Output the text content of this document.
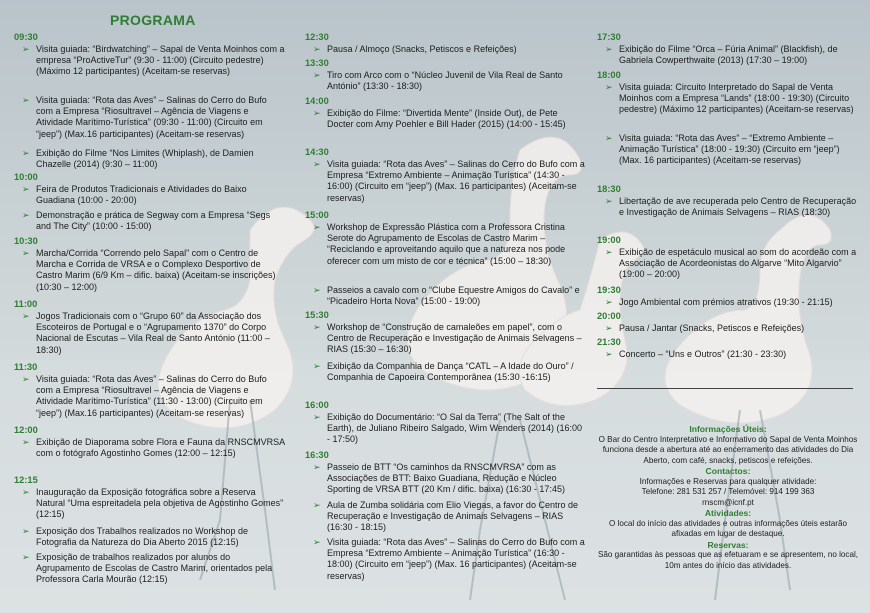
PROGRAMA
09:30
➢ Visita guiada: “Birdwatching” – Sapal de Venta Moinhos com a empresa “ProActiveTur” (9:30 - 11:00) (Circuito pedestre) (Máximo 12 participantes) (Aceitam-se reservas)
➢ Visita guiada: “Rota das Aves” – Salinas do Cerro do Bufo com a Empresa “Riosultravel – Agência de Viagens e Atividade Marítimo-Turística” (09:30 - 11:00) (Circuito em “jeep”) (Max.16 participantes) (Aceitam-se reservas)
➢ Exibição do Filme “Nos Limites (Whiplash), de Damien Chazelle (2014) (9:30 – 11:00)
10:00
➢ Feira de Produtos Tradicionais e Atividades do Baixo Guadiana (10:00 - 20:00)
➢ Demonstração e prática de Segway com a Empresa “Segs and The City” (10:00 - 15:00)
10:30
➢ Marcha/Corrida “Correndo pelo Sapal” com o Centro de Marcha e Corrida de VRSA e o Complexo Desportivo de Castro Marim (6/9 Km – dific. baixa) (Aceitam-se inscrições) (10:30 – 12:00)
11:00
➢ Jogos Tradicionais com o “Grupo 60” da Associação dos Escoteiros de Portugal e o “Agrupamento 1370” do Corpo Nacional de Escutas – Vila Real de Santo António (11:00 – 18:30)
11:30
➢ Visita guiada: “Rota das Aves” – Salinas do Cerro do Bufo com a Empresa “Riosultravel – Agência de Viagens e Atividade Marítimo-Turística” (11:30 - 13:00) (Circuito em “jeep”) (Max.16 participantes) (Aceitam-se reservas)
12:00
➢ Exibição de Diaporama sobre Flora e Fauna da RNSCMVRSA com o fotógrafo Agostinho Gomes (12:00 – 12:15)
12:15
➢ Inauguração da Exposição fotográfica sobre a Reserva Natural “Uma espreitadela pela objetiva de Agostinho Gomes” (12:15)
➢ Exposição dos Trabalhos realizados no Workshop de Fotografia da Natureza do Dia Aberto 2015 (12:15)
➢ Exposição de trabalhos realizados por alunos do Agrupamento de Escolas de Castro Marim, orientados pela Professora Carla Mourão (12:15)
12:30
➢ Pausa / Almoço (Snacks, Petiscos e Refeições)
13:30
➢ Tiro com Arco com o “Núcleo Juvenil de Vila Real de Santo António” (13:30 - 18:30)
14:00
➢ Exibição do Filme: “Divertida Mente” (Inside Out), de Pete Docter com Amy Poehler e Bill Hader (2015) (14:00 - 15:45)
14:30
➢ Visita guiada: “Rota das Aves” – Salinas do Cerro do Bufo com a Empresa “Extremo Ambiente – Animação Turística” (14:30 - 16:00) (Circuito em “jeep”) (Max. 16 participantes) (Aceitam-se reservas)
15:00
➢ Workshop de Expressão Plástica com a Professora Cristina Serote do Agrupamento de Escolas de Castro Marim – “Reciclando e aproveitando aquilo que a natureza nos pode oferecer com um misto de cor e técnica” (15:00 – 18:30)
➢ Passeios a cavalo com o “Clube Equestre Amigos do Cavalo” e “Picadeiro Horta Nova” (15:00 - 19:00)
15:30
➢ Workshop de “Construção de camaleões em papel”, com o Centro de Recuperação e Investigação de Animais Selvagens – RIAS (15:30 – 16:30)
➢ Exibição da Companhia de Dança “CATL – A Idade do Ouro” / Companhia de Capoeira Contemporânea (15:30 -16:15)
16:00
➢ Exibição do Documentário: “O Sal da Terra” (The Salt of the Earth), de Juliano Ribeiro Salgado, Wim Wenders (2014) (16:00 - 17:50)
16:30
➢ Passeio de BTT “Os caminhos da RNSCMVRSA” com as Associações de BTT: Baixo Guadiana, Redução e Núcleo Sporting de VRSA BTT (20 Km / dific. baixa) (16:30 - 17:45)
➢ Aula de Zumba solidária com Elio Viegas, a favor do Centro de Recuperação e Investigação de Animais Selvagens – RIAS (16:30 - 18:15)
➢ Visita guiada: “Rota das Aves” – Salinas do Cerro do Bufo com a Empresa “Extremo Ambiente – Animação Turística” (16:30 - 18:00) (Circuito em “jeep”) (Max. 16 participantes) (Aceitam-se reservas)
17:30
➢ Exibição do Filme “Orca – Fúria Animal” (Blackfish), de Gabriela Cowperthwaite (2013) (17:30 – 19:00)
18:00
➢ Visita guiada: Circuito Interpretado do Sapal de Venta Moinhos com a Empresa “Lands” (18:00 - 19:30) (Circuito pedestre) (Máximo 12 participantes) (Aceitam-se reservas)
➢ Visita guiada: “Rota das Aves” – “Extremo Ambiente – Animação Turística” (18:00 - 19:30) (Circuito em “jeep”) (Max. 16 participantes) (Aceitam-se reservas)
18:30
➢ Libertação de ave recuperada pelo Centro de Recuperação e Investigação de Animais Selvagens – RIAS (18:30)
19:00
➢ Exibição de espetáculo musical ao som do acordeão com a Associação de Acordeonistas do Algarve “Mito Algarvio” (19:00 – 20:00)
19:30
➢ Jogo Ambiental com prémios atrativos (19:30 - 21:15)
20:00
➢ Pausa / Jantar (Snacks, Petiscos e Refeições)
21:30
➢ Concerto – “Uns e Outros” (21:30 - 23:30)

Informações Úteis:

O Bar do Centro Interpretativo e Informativo do Sapal de Venta Moinhos funciona desde a abertura até ao encerramento das atividades do Dia Aberto, com café, snacks, petiscos e refeições.

Contactos:

Informações e Reservas para qualquer atividade:

Telefone: 281 531 257 / Telemóvel: 914 199 363

rnscm@icnf.pt

Atividades:

O local do início das atividades e outras informações úteis estarão afixadas em lugar de destaque.

Reservas:

São garantidas às pessoas que as efetuaram e se apresentem, no local, 10m antes do início das atividades.
